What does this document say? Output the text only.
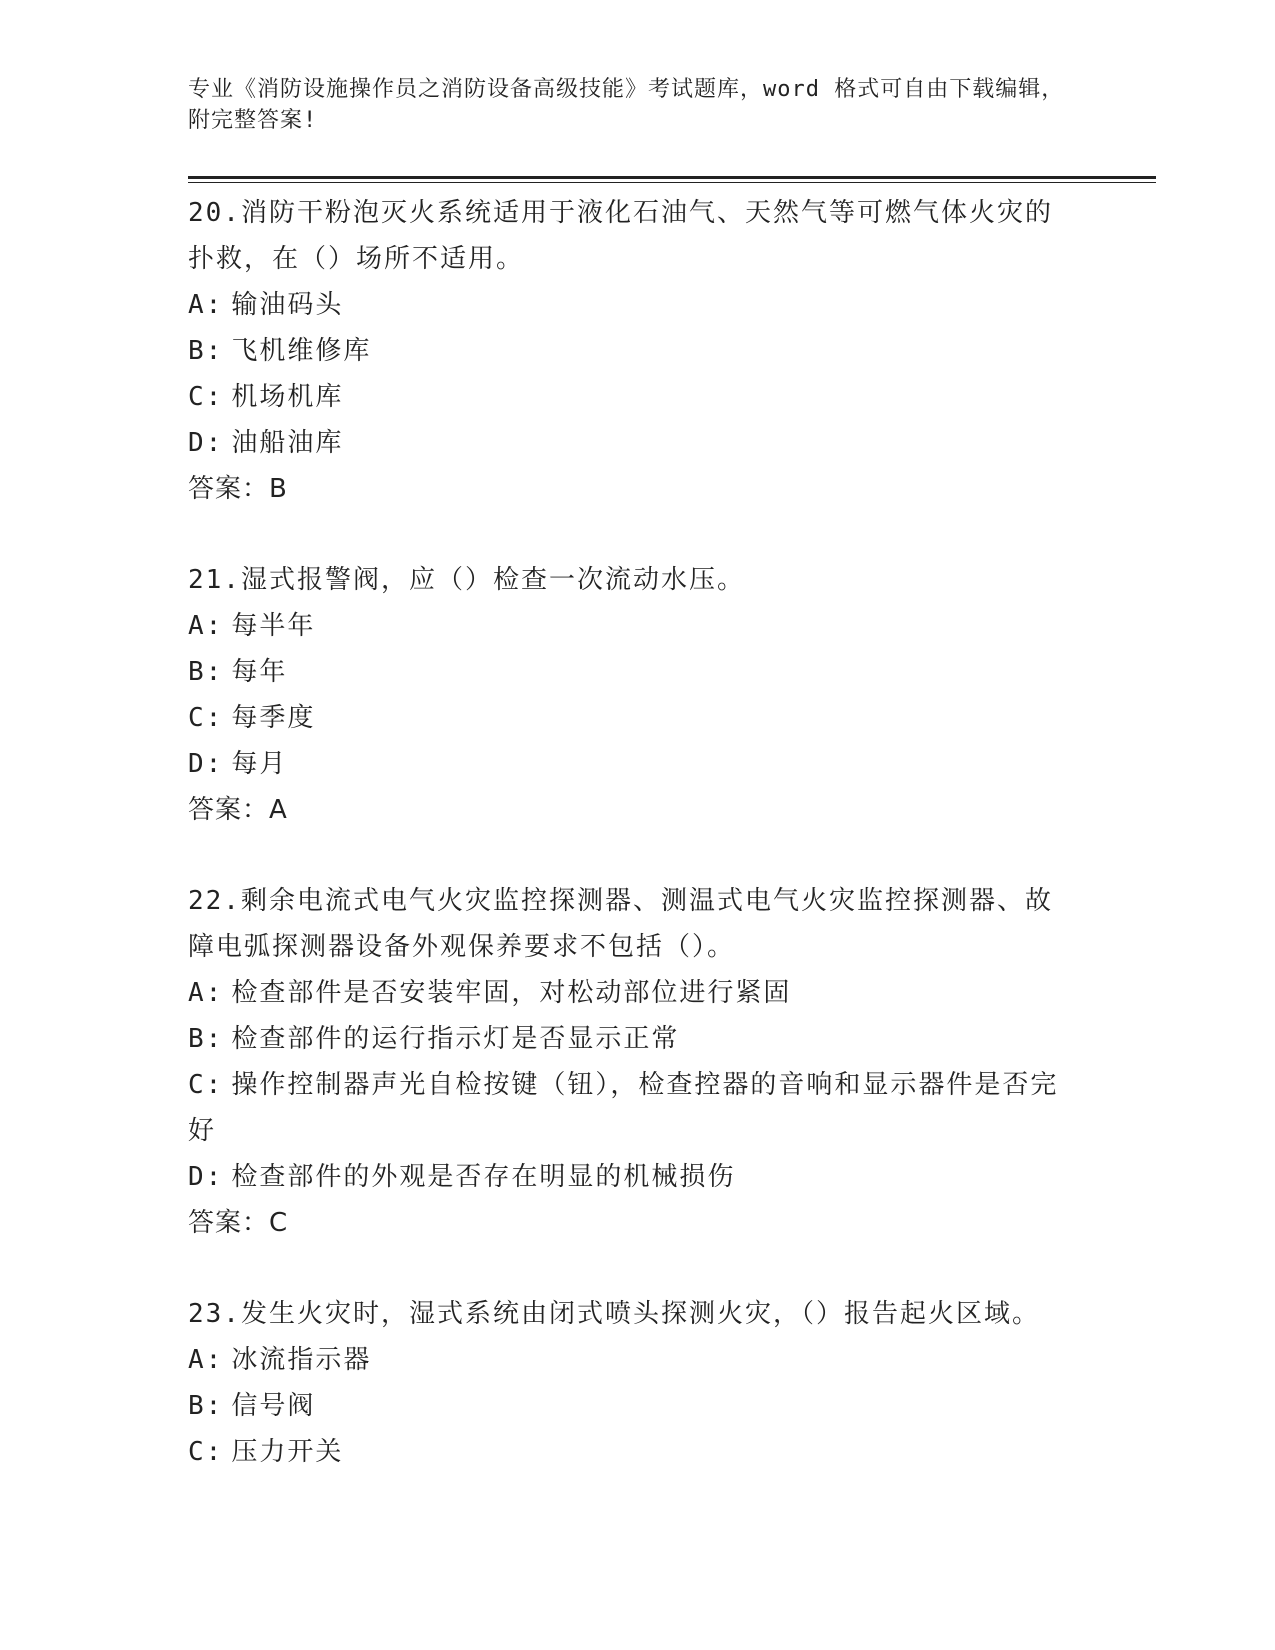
专业《消防设施操作员之消防设备高级技能》考试题库，word 格式可自由下载编辑，附完整答案!

20.消防干粉泡灭火系统适用于液化石油气、天然气等可燃气体火灾的扑救，在（）场所不适用。

A: 输油码头

B: 飞机维修库

C: 机场机库

D: 油船油库

答案：B

21.湿式报警阀，应（）检查一次流动水压。

A: 每半年

B: 每年

C: 每季度

D: 每月

答案：A

22.剩余电流式电气火灾监控探测器、测温式电气火灾监控探测器、故障电弧探测器设备外观保养要求不包括（）。

A: 检查部件是否安装牢固，对松动部位进行紧固

B: 检查部件的运行指示灯是否显示正常

C: 操作控制器声光自检按键（钮），检查控器的音响和显示器件是否完好

D: 检查部件的外观是否存在明显的机械损伤

答案：C

23.发生火灾时，湿式系统由闭式喷头探测火灾，（）报告起火区域。

A: 冰流指示器

B: 信号阀

C: 压力开关
